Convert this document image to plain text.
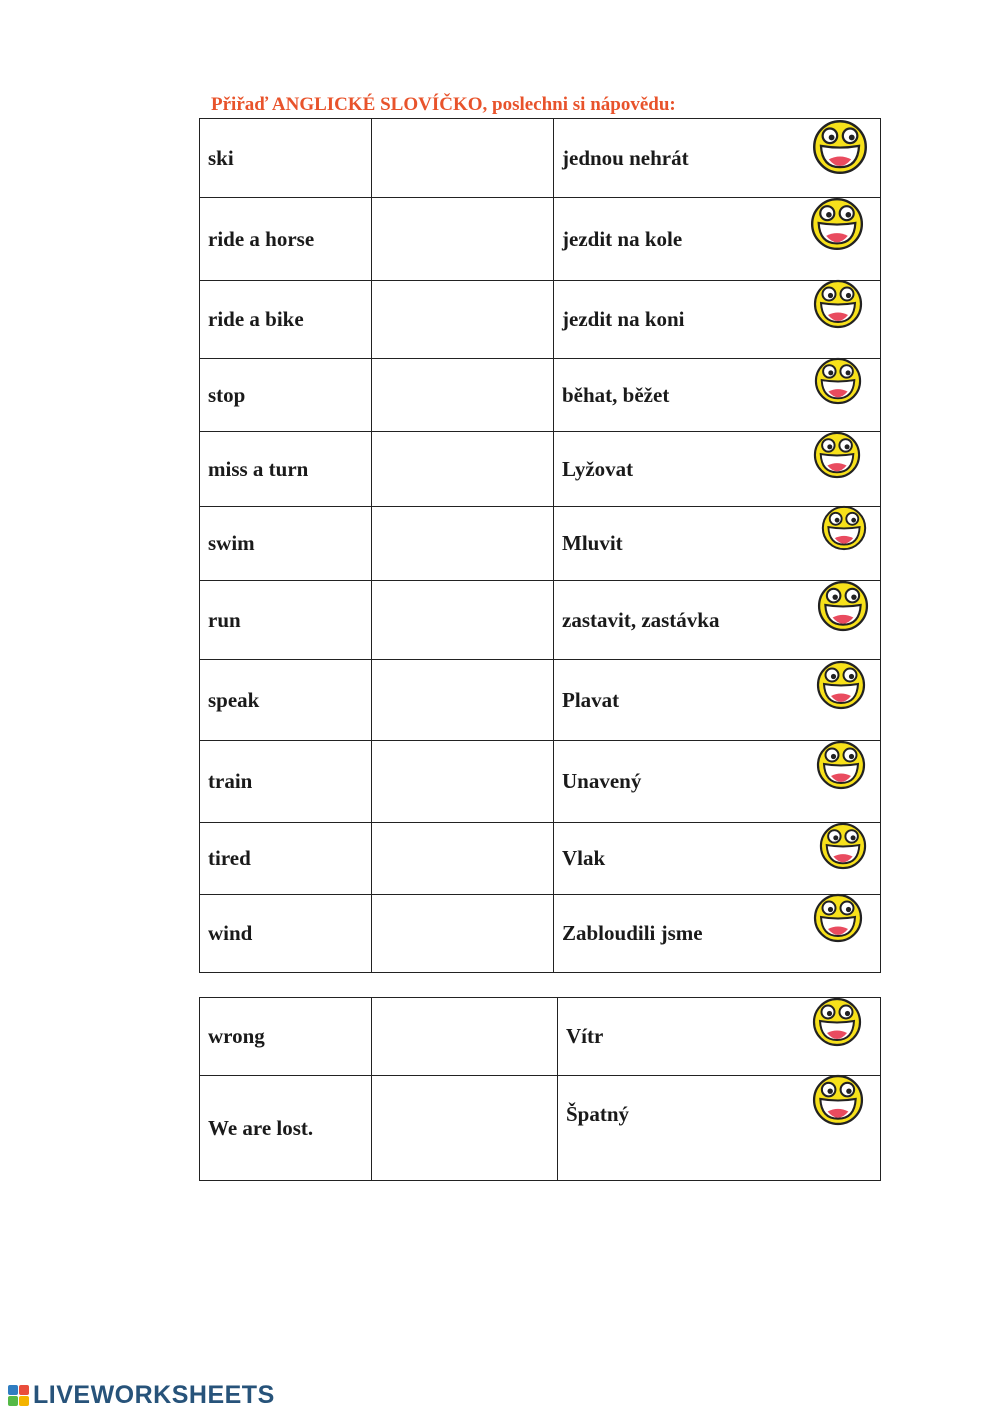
Přiřaď ANGLICKÉ SLOVÍČKO, poslechni si nápovědu:
ski		jednou nehrát	

ride a horse		jezdit na kole	

ride a bike		jezdit na koni	

stop		běhat, běžet	

miss a turn		Lyžovat	

swim		Mluvit	

run		zastavit, zastávka	

speak		Plavat	

train		Unavený	

tired		Vlak	

wind		Zabloudili jsme	
wrong		Vítr	

We are lost.		Špatný	
LIVEWORKSHEETS
